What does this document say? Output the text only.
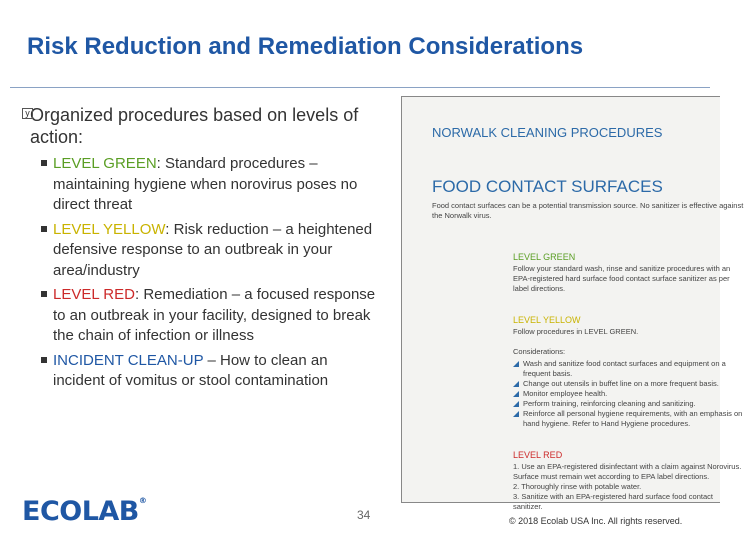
Risk Reduction and Remediation Considerations
y
Organized procedures based on levels of action:
LEVEL GREEN: Standard procedures – maintaining hygiene when norovirus poses no direct threat
LEVEL YELLOW: Risk reduction – a heightened defensive response to an outbreak in your area/industry
LEVEL RED: Remediation – a focused response to an outbreak in your facility, designed to break the chain of infection or illness
INCIDENT CLEAN-UP – How to clean an incident of vomitus or stool contamination
NORWALK CLEANING PROCEDURES
FOOD CONTACT SURFACES
Food contact surfaces can be a potential transmission source. No sanitizer is effective against the Norwalk virus.
LEVEL GREEN
Follow your standard wash, rinse and sanitize procedures with an EPA-registered hard surface food contact surface sanitizer as per label directions.
LEVEL YELLOW
Follow procedures in LEVEL GREEN.
Considerations:
Wash and sanitize food contact surfaces and equipment on a frequent basis.
Change out utensils in buffet line on a more frequent basis.
Monitor employee health.
Perform training, reinforcing cleaning and sanitizing.
Reinforce all personal hygiene requirements, with an emphasis on hand hygiene. Refer to Hand Hygiene procedures.
LEVEL RED
1. Use an EPA-registered disinfectant with a claim against Norovirus. Surface must remain wet according to EPA label directions.
2. Thoroughly rinse with potable water.
3. Sanitize with an EPA-registered hard surface food contact sanitizer.
ECOLAB®
34	© 2018 Ecolab USA Inc. All rights reserved.
